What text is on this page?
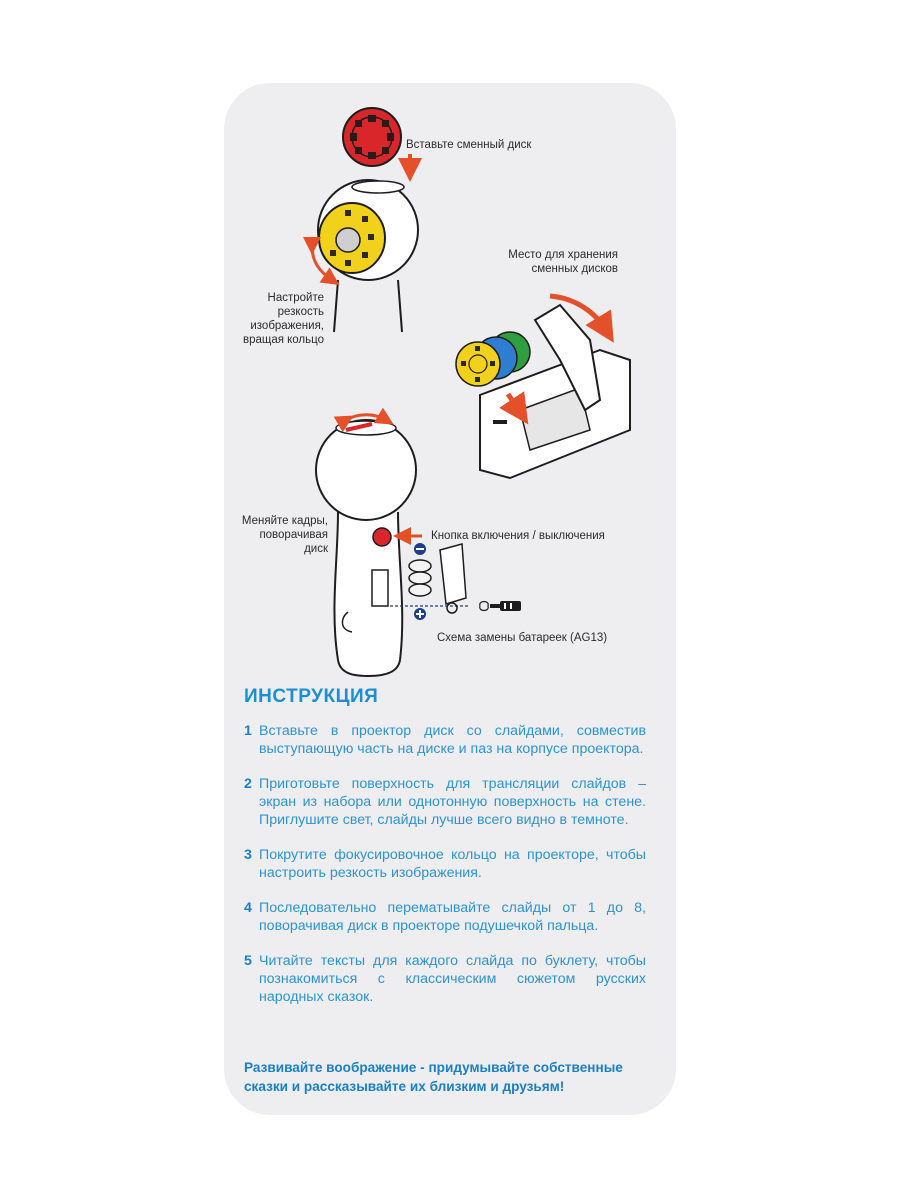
Вставьте сменный диск
Место для хранения
сменных дисков
Настройте
резкость
изображения,
вращая кольцо
Меняйте кадры,
поворачивая
диск
Кнопка включения / выключения
Схема замены батареек (AG13)
ИНСТРУКЦИЯ
1 Вставьте в проектор диск со слайдами, совместив выступающую часть на диске и паз на корпусе проектора.
2 Приготовьте поверхность для трансляции слайдов – экран из набора или однотонную поверхность на стене. Приглушите свет, слайды лучше всего видно в темноте.
3 Покрутите фокусировочное кольцо на проекторе, чтобы настроить резкость изображения.
4 Последовательно перематывайте слайды от 1 до 8, поворачивая диск в проекторе подушечкой пальца.
5 Читайте тексты для каждого слайда по буклету, чтобы познакомиться с классическим сюжетом русских народных сказок.
Развивайте воображение - придумывайте собственные сказки и рассказывайте их близким и друзьям!
